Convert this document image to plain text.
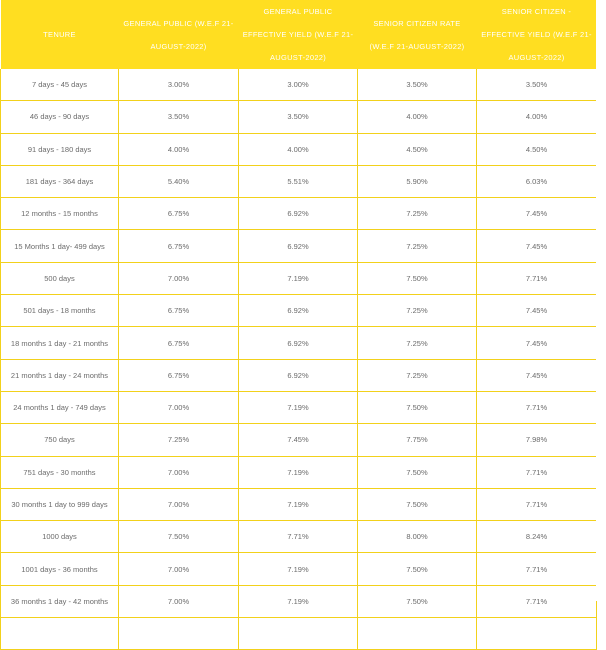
TENURE	GENERAL PUBLIC (W.E.F 21-AUGUST-2022)	GENERAL PUBLIC EFFECTIVE YIELD (W.E.F 21-AUGUST-2022)	SENIOR CITIZEN RATE (W.E.F 21-AUGUST-2022)	SENIOR CITIZEN - EFFECTIVE YIELD (W.E.F 21-AUGUST-2022)
7 days - 45 days	3.00%	3.00%	3.50%	3.50%
46 days - 90 days	3.50%	3.50%	4.00%	4.00%
91 days - 180 days	4.00%	4.00%	4.50%	4.50%
181 days - 364 days	5.40%	5.51%	5.90%	6.03%
12 months - 15 months	6.75%	6.92%	7.25%	7.45%
15 Months 1 day- 499 days	6.75%	6.92%	7.25%	7.45%
500 days	7.00%	7.19%	7.50%	7.71%
501 days - 18 months	6.75%	6.92%	7.25%	7.45%
18 months 1 day - 21 months	6.75%	6.92%	7.25%	7.45%
21 months 1 day - 24 months	6.75%	6.92%	7.25%	7.45%
24 months 1 day - 749 days	7.00%	7.19%	7.50%	7.71%
750 days	7.25%	7.45%	7.75%	7.98%
751 days - 30 months	7.00%	7.19%	7.50%	7.71%
30 months 1 day to 999 days	7.00%	7.19%	7.50%	7.71%
1000 days	7.50%	7.71%	8.00%	8.24%
1001 days - 36 months	7.00%	7.19%	7.50%	7.71%
36 months 1 day - 42 months	7.00%	7.19%	7.50%	7.71%
